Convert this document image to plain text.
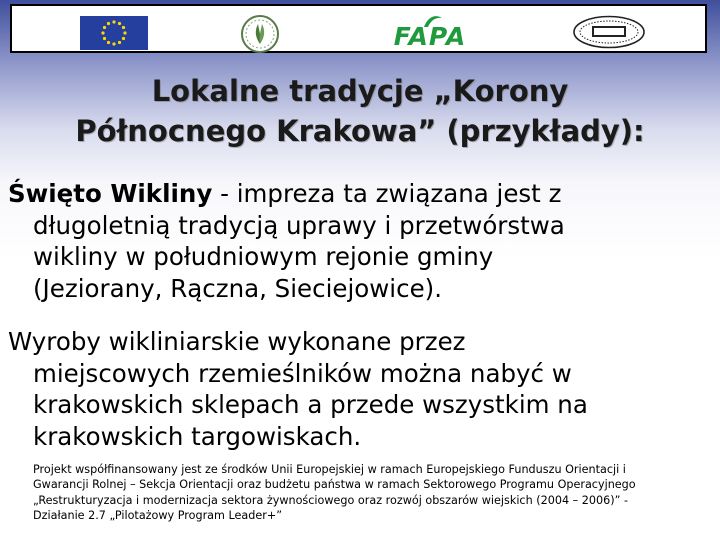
FAPA
Lokalne tradycje „Korony
Północnego Krakowa” (przykłady):
Święto Wikliny - impreza ta związana jest z
długoletnią tradycją uprawy i przetwórstwa
wikliny w południowym rejonie gminy
(Jeziorany, Rączna, Sieciejowice).
Wyroby wikliniarskie wykonane przez
miejscowych rzemieślników można nabyć w
krakowskich sklepach a przede wszystkim na
krakowskich targowiskach.
Projekt współfinansowany jest ze środków Unii Europejskiej w ramach Europejskiego Funduszu Orientacji i
Gwarancji Rolnej – Sekcja Orientacji oraz budżetu państwa w ramach Sektorowego Programu Operacyjnego
„Restrukturyzacja i modernizacja sektora żywnościowego oraz rozwój obszarów wiejskich (2004 – 2006)” -
Działanie 2.7 „Pilotażowy Program Leader+”
